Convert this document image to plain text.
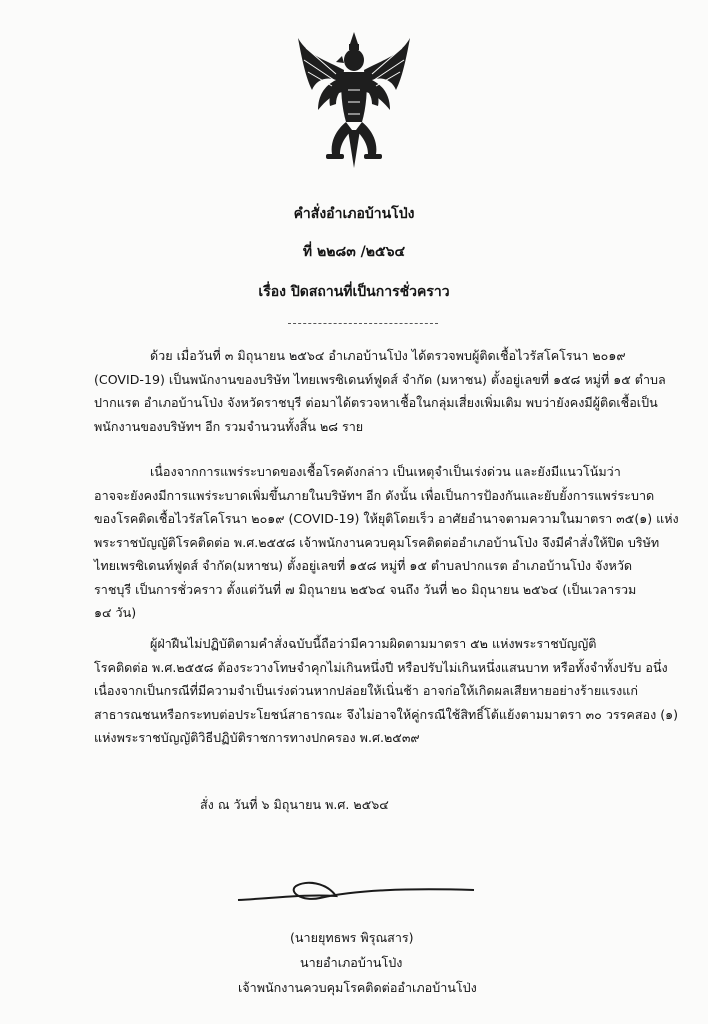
คำสั่งอำเภอบ้านโป่ง
ที่ ๒๒๘๓ /๒๕๖๔
เรื่อง ปิดสถานที่เป็นการชั่วคราว
ด้วย เมื่อวันที่ ๓ มิถุนายน ๒๕๖๔ อำเภอบ้านโป่ง ได้ตรวจพบผู้ติดเชื้อไวรัสโคโรนา ๒๐๑๙
(COVID-19) เป็นพนักงานของบริษัท ไทยเพรซิเดนท์ฟูดส์ จำกัด (มหาชน) ตั้งอยู่เลขที่ ๑๕๘ หมู่ที่ ๑๕ ตำบล
ปากแรต อำเภอบ้านโป่ง จังหวัดราชบุรี ต่อมาได้ตรวจหาเชื้อในกลุ่มเสี่ยงเพิ่มเติม พบว่ายังคงมีผู้ติดเชื้อเป็น
พนักงานของบริษัทฯ อีก รวมจำนวนทั้งสิ้น ๒๘ ราย
เนื่องจากการแพร่ระบาดของเชื้อโรคดังกล่าว เป็นเหตุจำเป็นเร่งด่วน และยังมีแนวโน้มว่า
อาจจะยังคงมีการแพร่ระบาดเพิ่มขึ้นภายในบริษัทฯ อีก ดังนั้น เพื่อเป็นการป้องกันและยับยั้งการแพร่ระบาด
ของโรคติดเชื้อไวรัสโคโรนา ๒๐๑๙ (COVID-19) ให้ยุติโดยเร็ว อาศัยอำนาจตามความในมาตรา ๓๕(๑) แห่ง
พระราชบัญญัติโรคติดต่อ พ.ศ.๒๕๕๘ เจ้าพนักงานควบคุมโรคติดต่ออำเภอบ้านโป่ง จึงมีคำสั่งให้ปิด บริษัท
ไทยเพรซิเดนท์ฟูดส์ จำกัด(มหาชน) ตั้งอยู่เลขที่ ๑๕๘ หมู่ที่ ๑๕ ตำบลปากแรต อำเภอบ้านโป่ง จังหวัด
ราชบุรี เป็นการชั่วคราว ตั้งแต่วันที่ ๗ มิถุนายน ๒๕๖๔ จนถึง วันที่ ๒๐ มิถุนายน ๒๕๖๔ (เป็นเวลารวม
๑๔ วัน)
ผู้ฝ่าฝืนไม่ปฏิบัติตามคำสั่งฉบับนี้ถือว่ามีความผิดตามมาตรา ๕๒ แห่งพระราชบัญญัติ
โรคติดต่อ พ.ศ.๒๕๕๘ ต้องระวางโทษจำคุกไม่เกินหนึ่งปี หรือปรับไม่เกินหนึ่งแสนบาท หรือทั้งจำทั้งปรับ อนึ่ง
เนื่องจากเป็นกรณีที่มีความจำเป็นเร่งด่วนหากปล่อยให้เนิ่นช้า อาจก่อให้เกิดผลเสียหายอย่างร้ายแรงแก่
สาธารณชนหรือกระทบต่อประโยชน์สาธารณะ จึงไม่อาจให้คู่กรณีใช้สิทธิ์โต้แย้งตามมาตรา ๓๐ วรรคสอง (๑)
แห่งพระราชบัญญัติวิธีปฏิบัติราชการทางปกครอง พ.ศ.๒๕๓๙
สั่ง ณ วันที่ ๖ มิถุนายน พ.ศ. ๒๕๖๔
(นายยุทธพร พิรุณสาร)
นายอำเภอบ้านโป่ง
เจ้าพนักงานควบคุมโรคติดต่ออำเภอบ้านโป่ง
